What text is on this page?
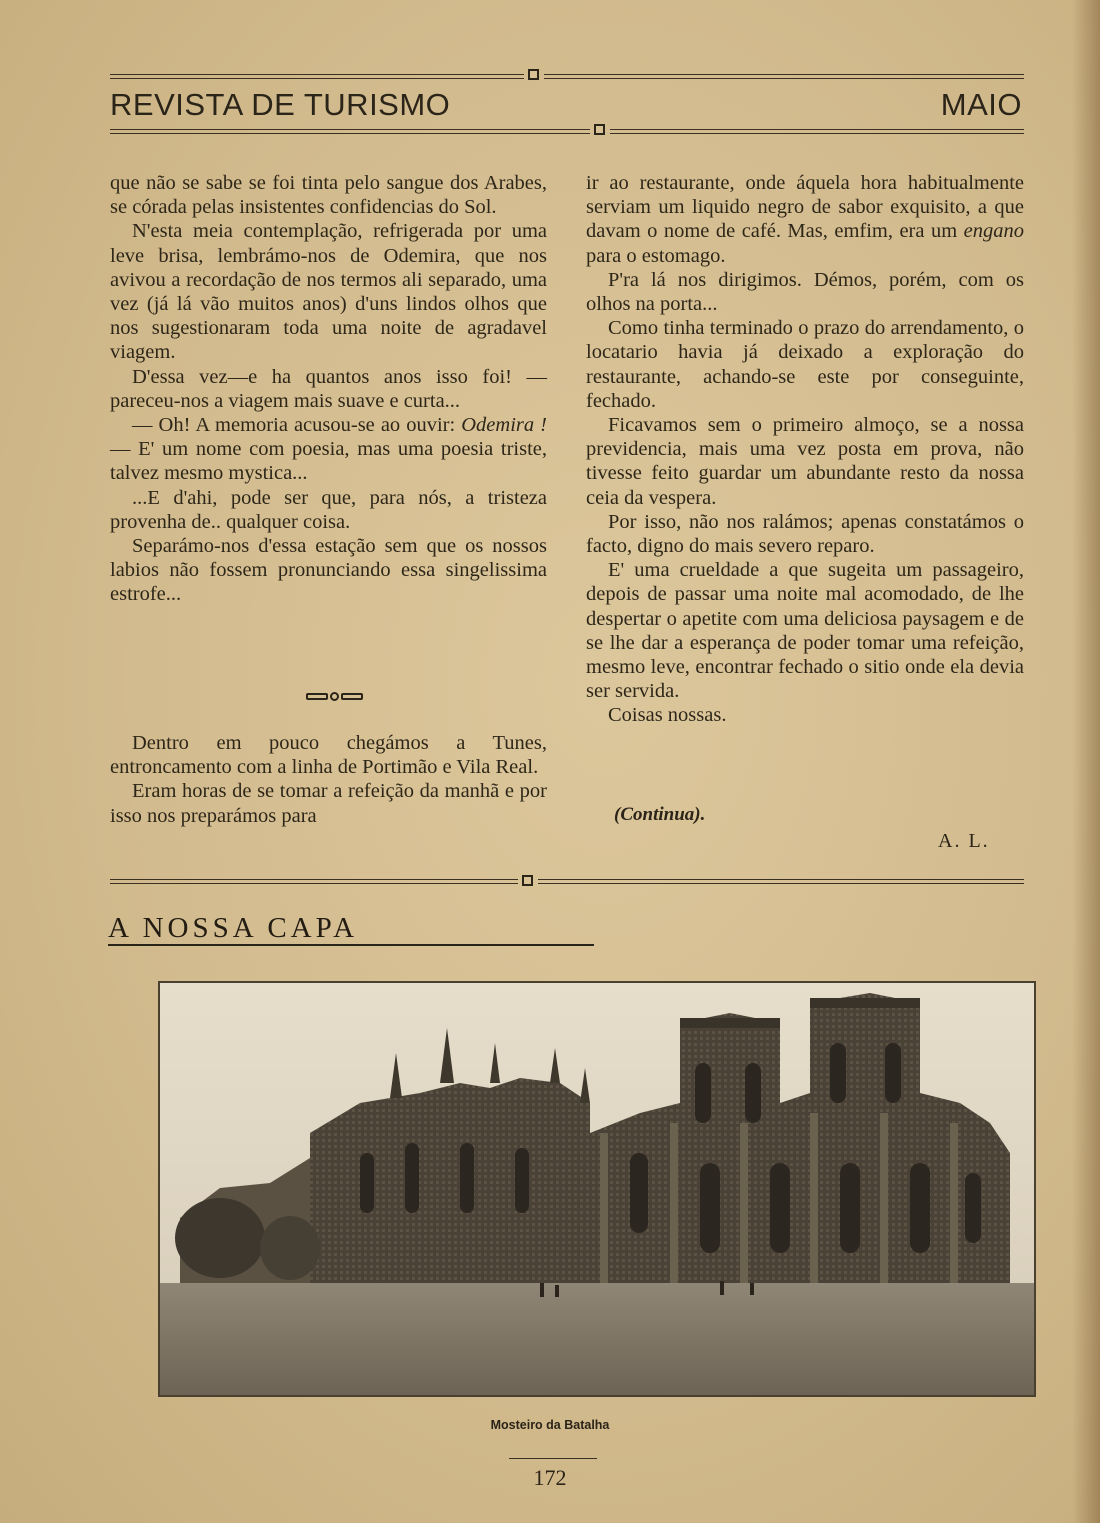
REVISTA DE TURISMO	MAIO

que não se sabe se foi tinta pelo sangue dos Arabes, se córada pelas insistentes confidencias do Sol.

N'esta meia contemplação, refrigerada por uma leve brisa, lembrámo-nos de Odemira, que nos avivou a recordação de nos termos ali separado, uma vez (já lá vão muitos anos) d'uns lindos olhos que nos sugestionaram toda uma noite de agradavel viagem.

D'essa vez—e ha quantos anos isso foi! — pareceu-nos a viagem mais suave e curta...

— Oh! A memoria acusou-se ao ouvir: Odemira ! — E' um nome com poesia, mas uma poesia triste, talvez mesmo mystica...

...E d'ahi, pode ser que, para nós, a tristeza provenha de.. qualquer coisa.

Separámo-nos d'essa estação sem que os nossos labios não fossem pronunciando essa singelissima estrofe...

Dentro em pouco chegámos a Tunes, entroncamento com a linha de Portimão e Vila Real.

Eram horas de se tomar a refeição da manhã e por isso nos preparámos para

ir ao restaurante, onde áquela hora habitualmente serviam um liquido negro de sabor exquisito, a que davam o nome de café. Mas, emfim, era um engano para o estomago.

P'ra lá nos dirigimos. Démos, porém, com os olhos na porta...

Como tinha terminado o prazo do arrendamento, o locatario havia já deixado a exploração do restaurante, achando-se este por conseguinte, fechado.

Ficavamos sem o primeiro almoço, se a nossa previdencia, mais uma vez posta em prova, não tivesse feito guardar um abundante resto da nossa ceia da vespera.

Por isso, não nos ralámos; apenas constatámos o facto, digno do mais severo reparo.

E' uma crueldade a que sugeita um passageiro, depois de passar uma noite mal acomodado, de lhe despertar o apetite com uma deliciosa paysagem e de se lhe dar a esperança de poder tomar uma refeição, mesmo leve, encontrar fechado o sitio onde ela devia ser servida.

Coisas nossas.

(Continua).
A. L.
A NOSSA CAPA
Mosteiro da Batalha
172
